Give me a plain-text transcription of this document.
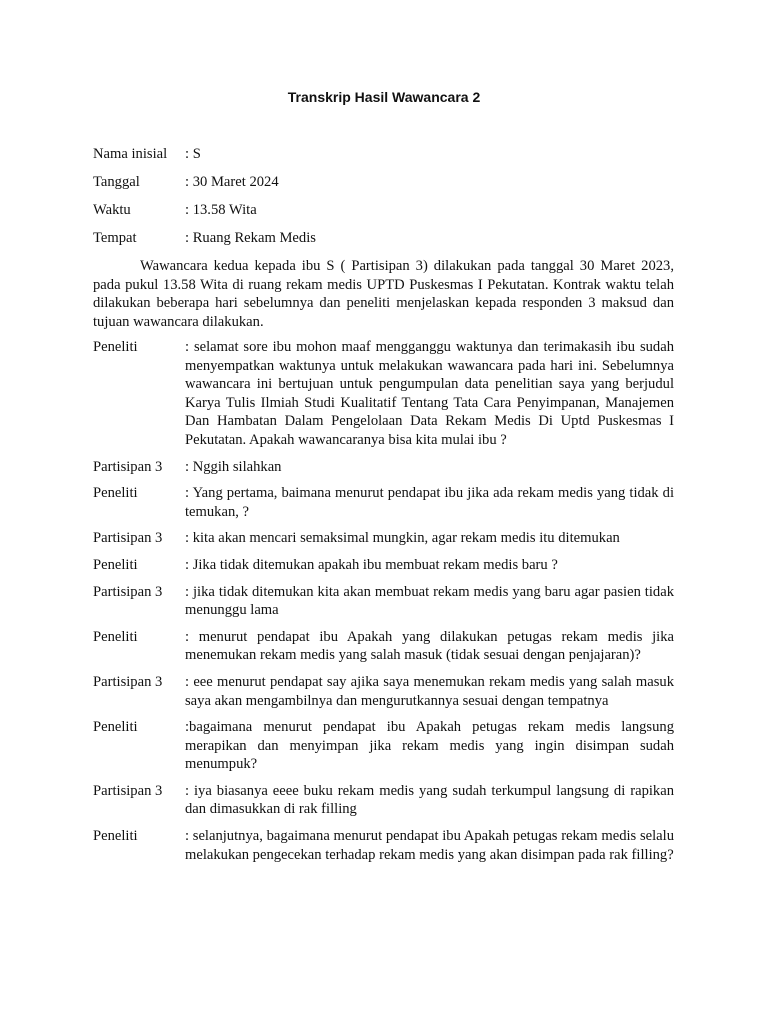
Transkrip Hasil Wawancara 2
Nama inisial : S
Tanggal	: 30 Maret 2024
Waktu	: 13.58 Wita
Tempat	: Ruang Rekam Medis

Wawancara kedua kepada ibu S ( Partisipan 3) dilakukan pada tanggal 30 Maret 2023, pada pukul 13.58 Wita di ruang rekam medis UPTD Puskesmas I Pekutatan. Kontrak waktu telah dilakukan beberapa hari sebelumnya dan peneliti menjelaskan kepada responden 3 maksud dan tujuan wawancara dilakukan.

Peneliti	: selamat sore ibu mohon maaf mengganggu waktunya dan terimakasih ibu sudah menyempatkan waktunya untuk melakukan wawancara pada hari ini. Sebelumnya wawancara ini bertujuan untuk pengumpulan data penelitian saya yang berjudul Karya Tulis Ilmiah Studi Kualitatif Tentang Tata Cara Penyimpanan, Manajemen Dan Hambatan Dalam Pengelolaan Data Rekam Medis Di Uptd Puskesmas I Pekutatan. Apakah wawancaranya bisa kita mulai ibu ?
Partisipan 3	: Nggih silahkan
Peneliti	: Yang pertama, baimana menurut pendapat ibu jika ada rekam medis yang tidak di temukan, ?
Partisipan 3	: kita akan mencari semaksimal mungkin, agar rekam medis itu ditemukan
Peneliti	: Jika tidak ditemukan apakah ibu membuat rekam medis baru ?
Partisipan 3	: jika tidak ditemukan kita akan membuat rekam medis yang baru agar pasien tidak menunggu lama
Peneliti	: menurut pendapat ibu Apakah yang dilakukan petugas rekam medis jika menemukan rekam medis yang salah masuk (tidak sesuai dengan penjajaran)?
Partisipan 3	: eee menurut pendapat say ajika saya menemukan rekam medis yang salah masuk saya akan mengambilnya dan mengurutkannya sesuai dengan tempatnya
Peneliti	:bagaimana menurut pendapat ibu Apakah petugas rekam medis langsung merapikan dan menyimpan jika rekam medis yang ingin disimpan sudah menumpuk?
Partisipan 3	: iya biasanya eeee buku rekam medis yang sudah terkumpul langsung di rapikan dan dimasukkan di rak filling
Peneliti	: selanjutnya, bagaimana menurut pendapat ibu Apakah petugas rekam medis selalu melakukan pengecekan terhadap rekam medis yang akan disimpan pada rak filling?
